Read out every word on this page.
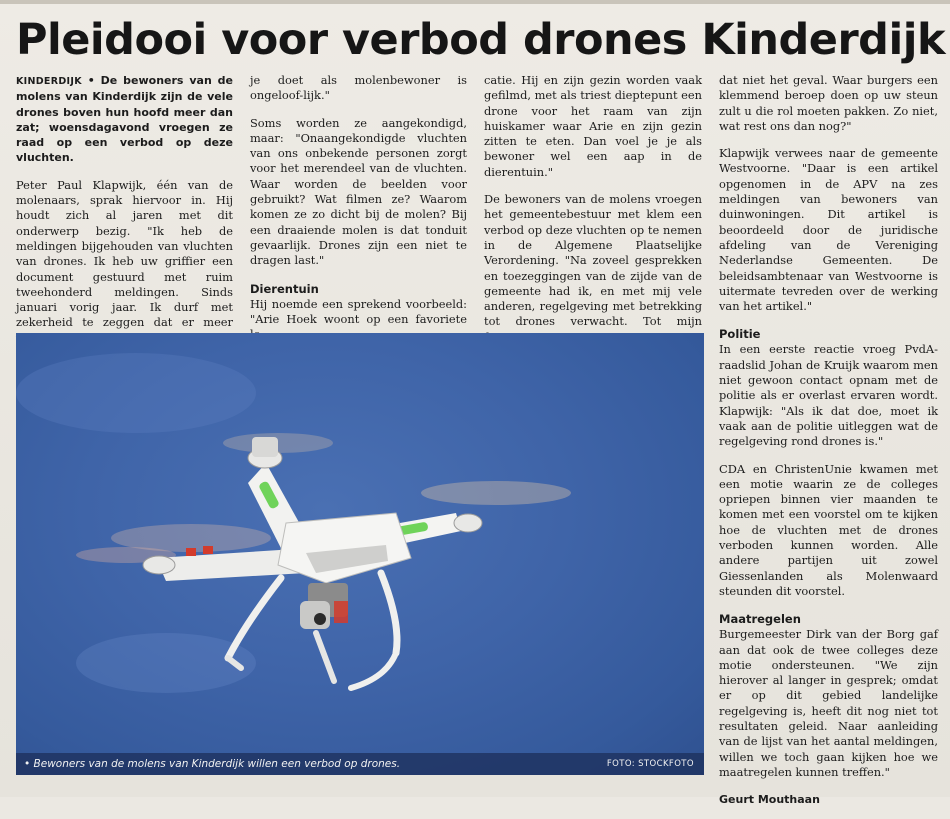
Pleidooi voor verbod drones Kinderdijk

KINDERDIJK • De bewoners van de molens van Kinderdijk zijn de vele drones boven hun hoofd meer dan zat; woensdagavond vroegen ze raad op een verbod op deze vluchten.

Peter Paul Klapwijk, één van de molenaars, sprak hiervoor in. Hij houdt zich al jaren met dit onderwerp bezig. "Ik heb de meldingen bijgehouden van vluchten van drones. Ik heb uw griffier een document gestuurd met ruim tweehonderd meldingen. Sinds januari vorig jaar. Ik durf met zekerheid te zeggen dat er meer

je doet als molenbewoner is ongeloof-lijk."

Soms worden ze aangekondigd, maar: "Onaangekondigde vluchten van ons onbekende personen zorgt voor het merendeel van de vluchten. Waar worden de beelden voor gebruikt? Wat filmen ze? Waarom komen ze zo dicht bij de molen? Bij een draaiende molen is dat tonduit gevaarlijk. Drones zijn een niet te dragen last."

Dierentuin

Hij noemde een sprekend voorbeeld: "Arie Hoek woont op een favoriete

catie. Hij en zijn gezin worden vaak gefilmd, met als triest dieptepunt een drone voor het raam van zijn huiskamer waar Arie en zijn gezin zitten te eten. Dan voel je je als bewoner wel een aap in de dierentuin."

De bewoners van de molens vroegen het gemeentebestuur met klem een verbod op deze vluchten op te nemen in de Algemene Plaatselijke Verordening. "Na zoveel gesprekken en toezeggingen van de zijde van de gemeente had ik, en met mij vele anderen, regelgeving met betrekking tot drones verwacht. Tot mijn

dat niet het geval. Waar burgers een klemmend beroep doen op uw steun zult u die rol moeten pakken. Zo niet, wat rest ons dan nog?"

Klapwijk verwees naar de gemeente Westvoorne. "Daar is een artikel opgenomen in de APV na zes meldingen van bewoners van duinwoningen. Dit artikel is beoordeeld door de juridische afdeling van de Vereniging Nederlandse Gemeenten. De beleidsambtenaar van Westvoorne is uitermate tevreden over de werking van het artikel."

Politie

In een eerste reactie vroeg PvdA-raadslid Johan de Kruijk waarom men niet gewoon contact opnam met de politie als er overlast ervaren wordt. Klapwijk: "Als ik dat doe, moet ik vaak aan de politie uitleggen wat de regelgeving rond drones is."

CDA en ChristenUnie kwamen met een motie waarin ze de colleges opriepen binnen vier maanden te komen met een voorstel om te kijken hoe de vluchten met de drones verboden kunnen worden. Alle andere partijen uit zowel Giessenlanden als Molenwaard steunden dit voorstel.

Maatregelen

Burgemeester Dirk van der Borg gaf aan dat ook de twee colleges deze motie ondersteunen. "We zijn hierover al langer in gesprek; omdat er op dit gebied landelijke regelgeving is, heeft dit nog niet tot resultaten geleid. Naar aanleiding van de lijst van het aantal meldingen, willen we toch gaan kijken hoe we maatregelen kunnen treffen."

Geurt Mouthaan

• Bewoners van de molens van Kinderdijk willen een verbod op drones.	FOTO: STOCKFOTO
